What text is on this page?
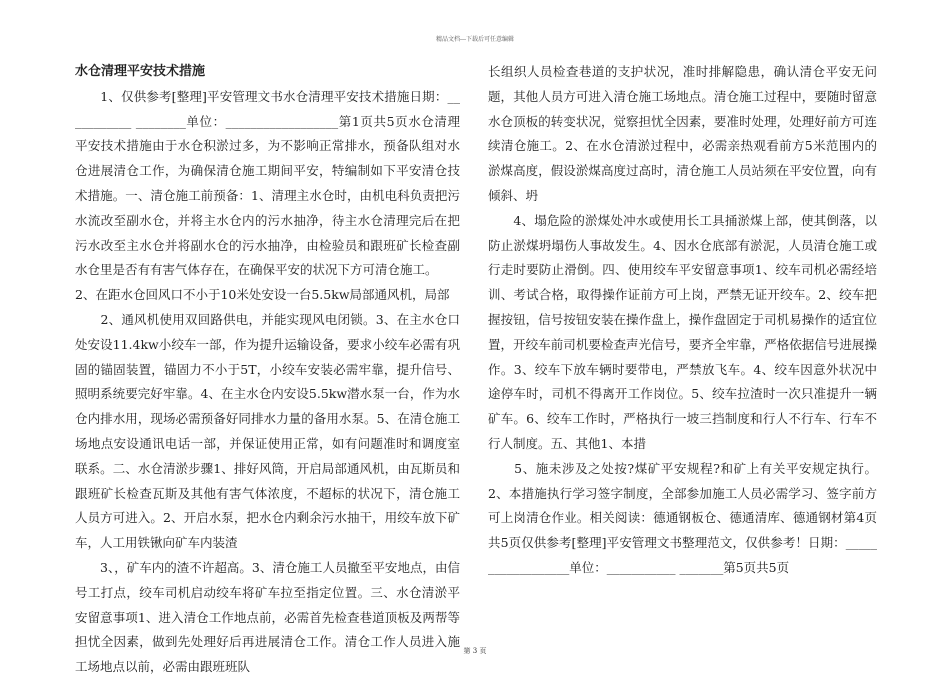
精品文档---下载后可任意编辑

水仓清理平安技术措施

　　1、仅供参考[整理]平安管理文书水仓清理平安技术措施日期：___________ ________单位：__________________第1页共5页水仓清理平安技术措施由于水仓积淤过多，为不影响正常排水，预备队组对水仓进展清仓工作，为确保清仓施工期间平安，特编制如下平安清仓技术措施。一、清仓施工前预备：1、清理主水仓时，由机电科负责把污水流改至副水仓，并将主水仓内的污水抽净，待主水仓清理完后在把污水改至主水仓并将副水仓的污水抽净，由检验员和跟班矿长检查副水仓里是否有有害气体存在，在确保平安的状况下方可清仓施工。

2、在距水仓回风口不小于10米处安设一台5.5kw局部通风机，局部

　　2、通风机使用双回路供电，并能实现风电闭锁。3、在主水仓口处安设11.4kw小绞车一部，作为提升运输设备，要求小绞车必需有巩固的锚固装置，锚固力不小于5T，小绞车安装必需牢靠，提升信号、照明系统要完好牢靠。4、在主水仓内安设5.5kw潜水泵一台，作为水仓内排水用，现场必需预备好同排水力量的备用水泵。5、在清仓施工场地点安设通讯电话一部，并保证使用正常，如有问题准时和调度室联系。二、水仓清淤步骤1、排好风筒，开启局部通风机，由瓦斯员和跟班矿长检查瓦斯及其他有害气体浓度，不超标的状况下，清仓施工人员方可进入。2、开启水泵，把水仓内剩余污水抽干，用绞车放下矿车，人工用铁锹向矿车内装渣

　　3、，矿车内的渣不许超高。3、清仓施工人员撤至平安地点，由信号工打点，绞车司机启动绞车将矿车拉至指定位置。三、水仓清淤平安留意事项1、进入清仓工作地点前，必需首先检查巷道顶板及两帮等担忧全因素，做到先处理好后再进展清仓工作。清仓工作人员进入施工场地点以前，必需由跟班班队

长组织人员检查巷道的支护状况，准时排解隐患，确认清仓平安无问题，其他人员方可进入清仓施工场地点。清仓施工过程中，要随时留意水仓顶板的转变状况，觉察担忧全因素，要准时处理，处理好前方可连续清仓施工。2、在水仓清淤过程中，必需亲热观看前方5米范围内的淤煤高度，假设淤煤高度过高时，清仓施工人员站须在平安位置，向有倾斜、坍

　　4、塌危险的淤煤处冲水或使用长工具捅淤煤上部，使其倒落，以防止淤煤坍塌伤人事故发生。4、因水仓底部有淤泥，人员清仓施工或行走时要防止滑倒。四、使用绞车平安留意事项1、绞车司机必需经培训、考试合格，取得操作证前方可上岗，严禁无证开绞车。2、绞车把握按钮，信号按钮安装在操作盘上，操作盘固定于司机易操作的适宜位置，开绞车前司机要检查声光信号，要齐全牢靠，严格依据信号进展操作。3、绞车下放车辆时要带电，严禁放飞车。4、绞车因意外状况中途停车时，司机不得离开工作岗位。5、绞车拉渣时一次只准提升一辆矿车。6、绞车工作时，严格执行一坡三挡制度和行人不行车、行车不行人制度。五、其他1、本措

　　5、施未涉及之处按?煤矿平安规程?和矿上有关平安规定执行。2、本措施执行学习签字制度，全部参加施工人员必需学习、签字前方可上岗清仓作业。相关阅读：德通钢板仓、德通清库、德通钢材第4页共5页仅供参考[整理]平安管理文书整理范文，仅供参考！日期：__________________单位：___________ _______第5页共5页

第 3 页
